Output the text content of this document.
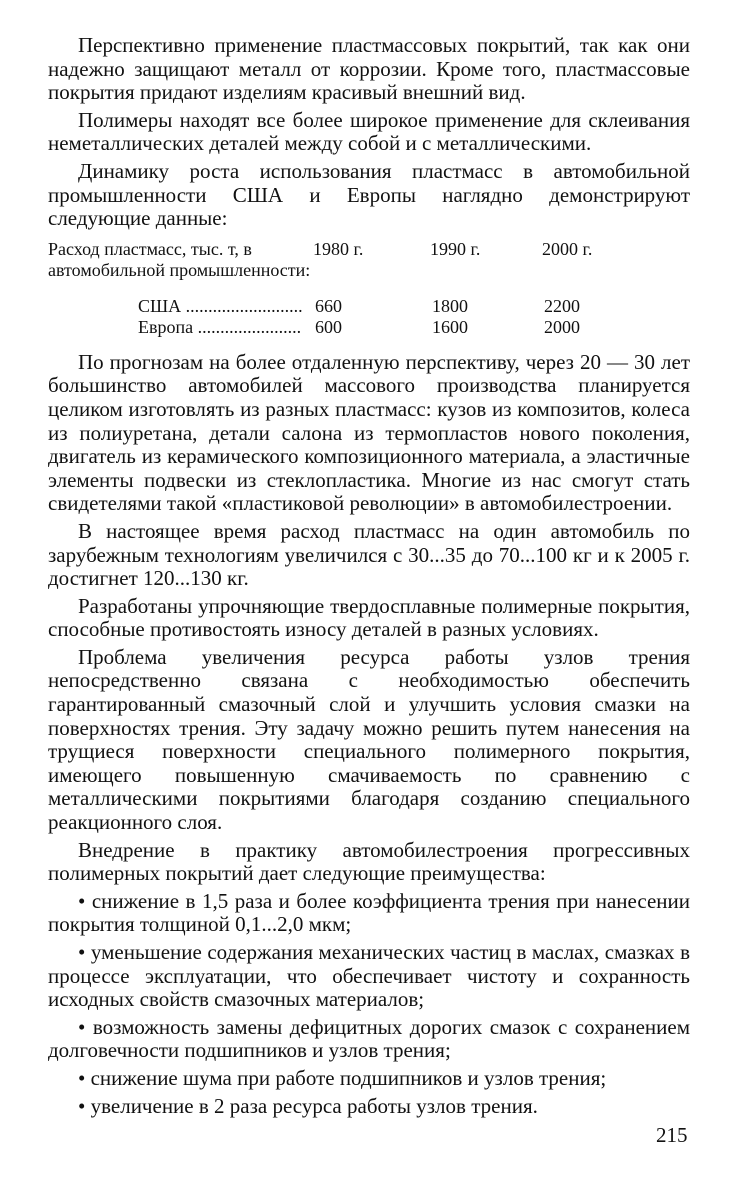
Перспективно применение пластмассовых покрытий, так как они надежно защищают металл от коррозии. Кроме того, пластмассовые покрытия придают изделиям красивый внешний вид.

Полимеры находят все более широкое применение для склеивания неметаллических деталей между собой и с металлическими.

Динамику роста использования пластмасс в автомобильной промышленности США и Европы наглядно демонстрируют следующие данные:

Расход пластмасс, тыс. т, в автомобильной промышленности:
1980 г.	1990 г.	2000 г.
США .......................... 660	1800	2200
Европа ....................... 600	1600	2000

По прогнозам на более отдаленную перспективу, через 20 — 30 лет большинство автомобилей массового производства планируется целиком изготовлять из разных пластмасс: кузов из композитов, колеса из полиуретана, детали салона из термопластов нового поколения, двигатель из керамического композиционного материала, а эластичные элементы подвески из стеклопластика. Многие из нас смогут стать свидетелями такой «пластиковой революции» в автомобилестроении.

В настоящее время расход пластмасс на один автомобиль по зарубежным технологиям увеличился с 30...35 до 70...100 кг и к 2005 г. достигнет 120...130 кг.

Разработаны упрочняющие твердосплавные полимерные покрытия, способные противостоять износу деталей в разных условиях.

Проблема увеличения ресурса работы узлов трения непосредственно связана с необходимостью обеспечить гарантированный смазочный слой и улучшить условия смазки на поверхностях трения. Эту задачу можно решить путем нанесения на трущиеся поверхности специального полимерного покрытия, имеющего повышенную смачиваемость по сравнению с металлическими покрытиями благодаря созданию специального реакционного слоя.

Внедрение в практику автомобилестроения прогрессивных полимерных покрытий дает следующие преимущества:

• снижение в 1,5 раза и более коэффициента трения при нанесении покрытия толщиной 0,1...2,0 мкм;

• уменьшение содержания механических частиц в маслах, смазках в процессе эксплуатации, что обеспечивает чистоту и сохранность исходных свойств смазочных материалов;

• возможность замены дефицитных дорогих смазок с сохранением долговечности подшипников и узлов трения;

• снижение шума при работе подшипников и узлов трения;

• увеличение в 2 раза ресурса работы узлов трения.

215
